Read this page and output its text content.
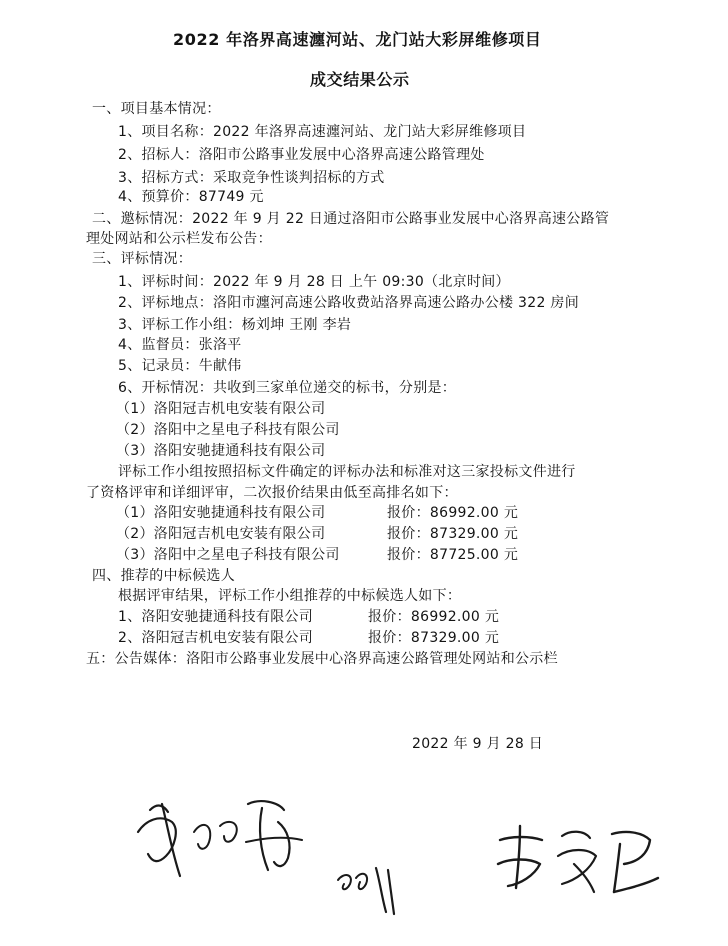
2022 年洛界高速瀍河站、龙门站大彩屏维修项目
成交结果公示
一、项目基本情况：
1、项目名称：2022 年洛界高速瀍河站、龙门站大彩屏维修项目
2、招标人：洛阳市公路事业发展中心洛界高速公路管理处
3、招标方式：采取竞争性谈判招标的方式
4、预算价：87749 元
二、邀标情况：2022 年 9 月 22 日通过洛阳市公路事业发展中心洛界高速公路管
理处网站和公示栏发布公告：
三、评标情况：
1、评标时间：2022 年 9 月 28 日 上午 09:30（北京时间）
2、评标地点：洛阳市瀍河高速公路收费站洛界高速公路办公楼 322 房间
3、评标工作小组：杨刘坤 王刚 李岩
4、监督员：张洛平
5、记录员：牛献伟
6、开标情况：共收到三家单位递交的标书，分别是：
（1）洛阳冠吉机电安装有限公司
（2）洛阳中之星电子科技有限公司
（3）洛阳安驰捷通科技有限公司
评标工作小组按照招标文件确定的评标办法和标准对这三家投标文件进行
了资格评审和详细评审，二次报价结果由低至高排名如下：
（1）洛阳安驰捷通科技有限公司	报价：86992.00 元
（2）洛阳冠吉机电安装有限公司	报价：87329.00 元
（3）洛阳中之星电子科技有限公司	报价：87725.00 元
四、推荐的中标候选人
根据评审结果，评标工作小组推荐的中标候选人如下：
1、洛阳安驰捷通科技有限公司	报价：86992.00 元
2、洛阳冠吉机电安装有限公司	报价：87329.00 元
五：公告媒体：洛阳市公路事业发展中心洛界高速公路管理处网站和公示栏
2022 年 9 月 28 日
